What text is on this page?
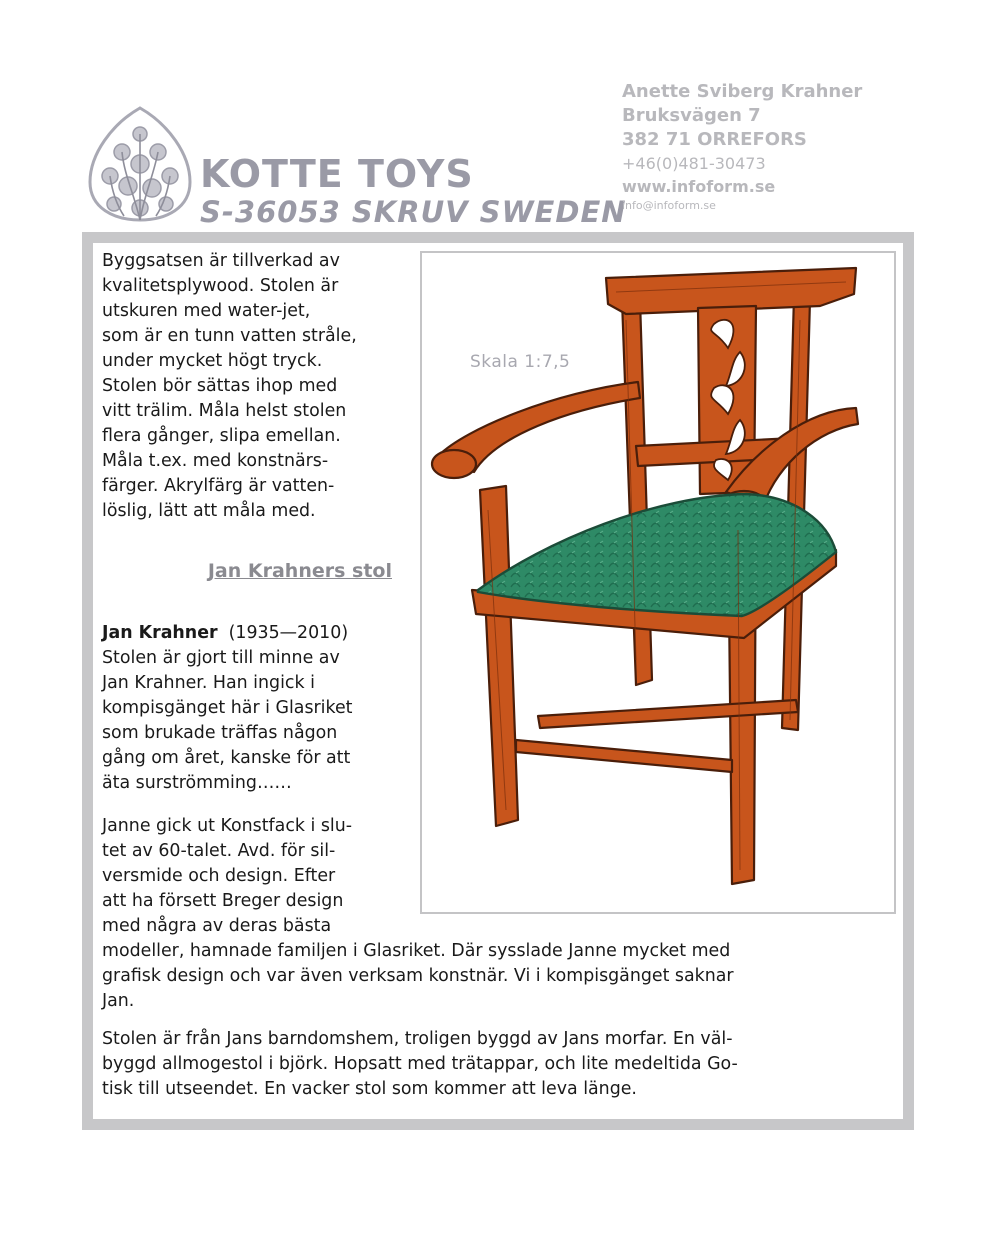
KOTTE TOYS
S-36053 SKRUV SWEDEN
Anette Sviberg Krahner
Bruksvägen 7
382 71 ORREFORS
+46(0)481-30473
www.infoform.se
info@infoform.se
Skala 1:7,5

Byggsatsen är tillverkad av

kvalitetsplywood. Stolen är

utskuren med water-jet,

som är en tunn vatten stråle,

under mycket högt tryck.

Stolen bör sättas ihop med

vitt trälim. Måla helst stolen

flera gånger, slipa emellan.

Måla t.ex. med konstnärs-

färger. Akrylfärg är vatten-

löslig, lätt att måla med.

Jan Krahners stol
Jan Krahner (1935—2010)

Stolen är gjort till minne av

Jan Krahner. Han ingick i

kompisgänget här i Glasriket

som brukade träffas någon

gång om året, kanske för att

äta surströmming……

Janne gick ut Konstfack i slu-

tet av 60-talet. Avd. för sil-

versmide och design. Efter

att ha försett Breger design

med några av deras bästa

modeller, hamnade familjen i Glasriket. Där sysslade Janne mycket med

grafisk design och var även verksam konstnär. Vi i kompisgänget saknar

Jan.

Stolen är från Jans barndomshem, troligen byggd av Jans morfar. En väl-

byggd allmogestol i björk. Hopsatt med trätappar, och lite medeltida Go-

tisk till utseendet. En vacker stol som kommer att leva länge.
